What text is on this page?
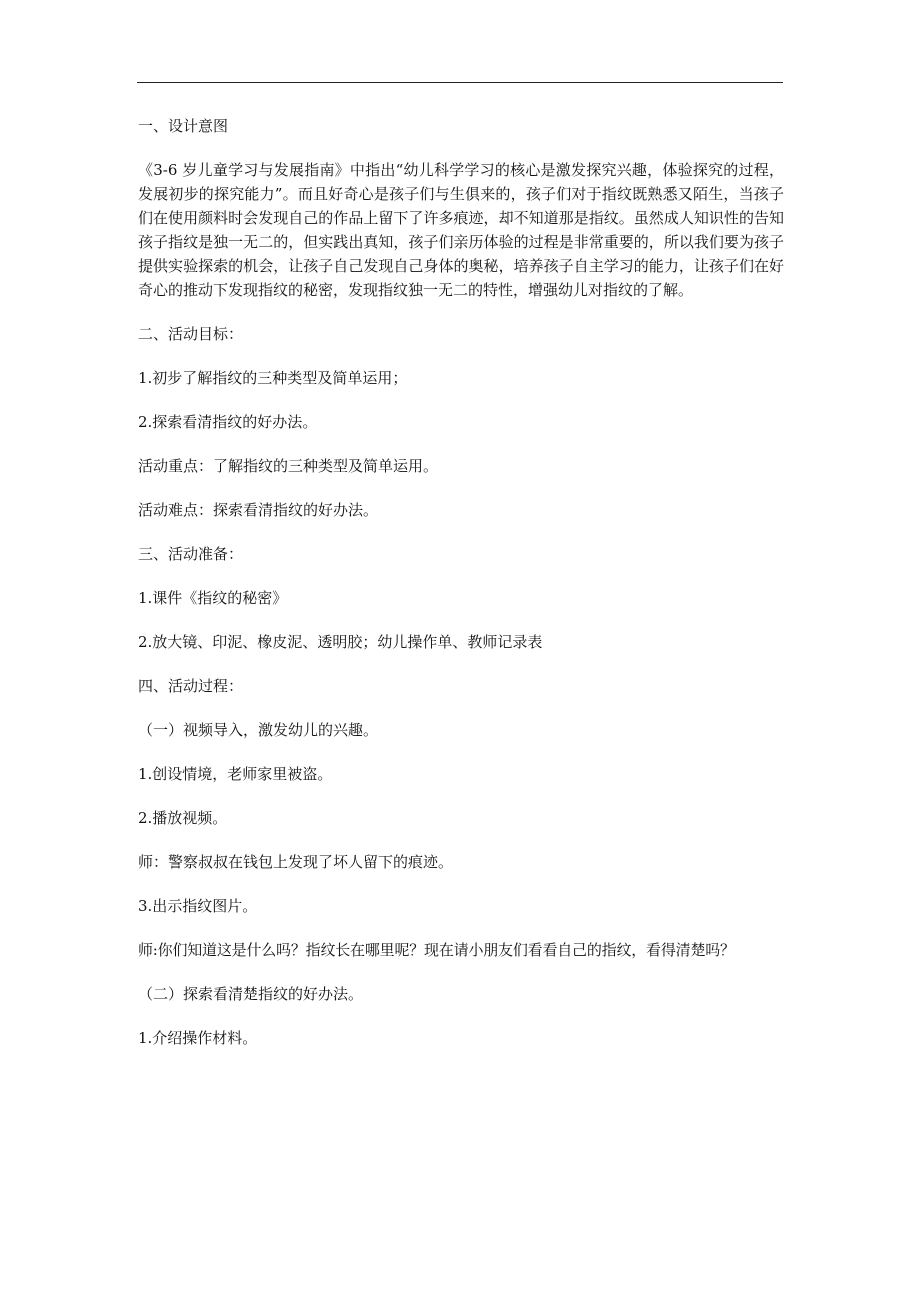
一、设计意图

《3-6 岁儿童学习与发展指南》中指出“幼儿科学学习的核心是激发探究兴趣，体验探究的过程，发展初步的探究能力”。而且好奇心是孩子们与生俱来的，孩子们对于指纹既熟悉又陌生，当孩子们在使用颜料时会发现自己的作品上留下了许多痕迹，却不知道那是指纹。虽然成人知识性的告知孩子指纹是独一无二的，但实践出真知，孩子们亲历体验的过程是非常重要的，所以我们要为孩子提供实验探索的机会，让孩子自己发现自己身体的奥秘，培养孩子自主学习的能力，让孩子们在好奇心的推动下发现指纹的秘密，发现指纹独一无二的特性，增强幼儿对指纹的了解。

二、活动目标：

1.初步了解指纹的三种类型及简单运用；

2.探索看清指纹的好办法。

活动重点：了解指纹的三种类型及简单运用。

活动难点：探索看清指纹的好办法。

三、活动准备：

1.课件《指纹的秘密》

2.放大镜、印泥、橡皮泥、透明胶；幼儿操作单、教师记录表

四、活动过程：

（一）视频导入，激发幼儿的兴趣。

1.创设情境，老师家里被盗。

2.播放视频。

师：警察叔叔在钱包上发现了坏人留下的痕迹。

3.出示指纹图片。

师:你们知道这是什么吗？指纹长在哪里呢？现在请小朋友们看看自己的指纹，看得清楚吗？

（二）探索看清楚指纹的好办法。

1.介绍操作材料。
